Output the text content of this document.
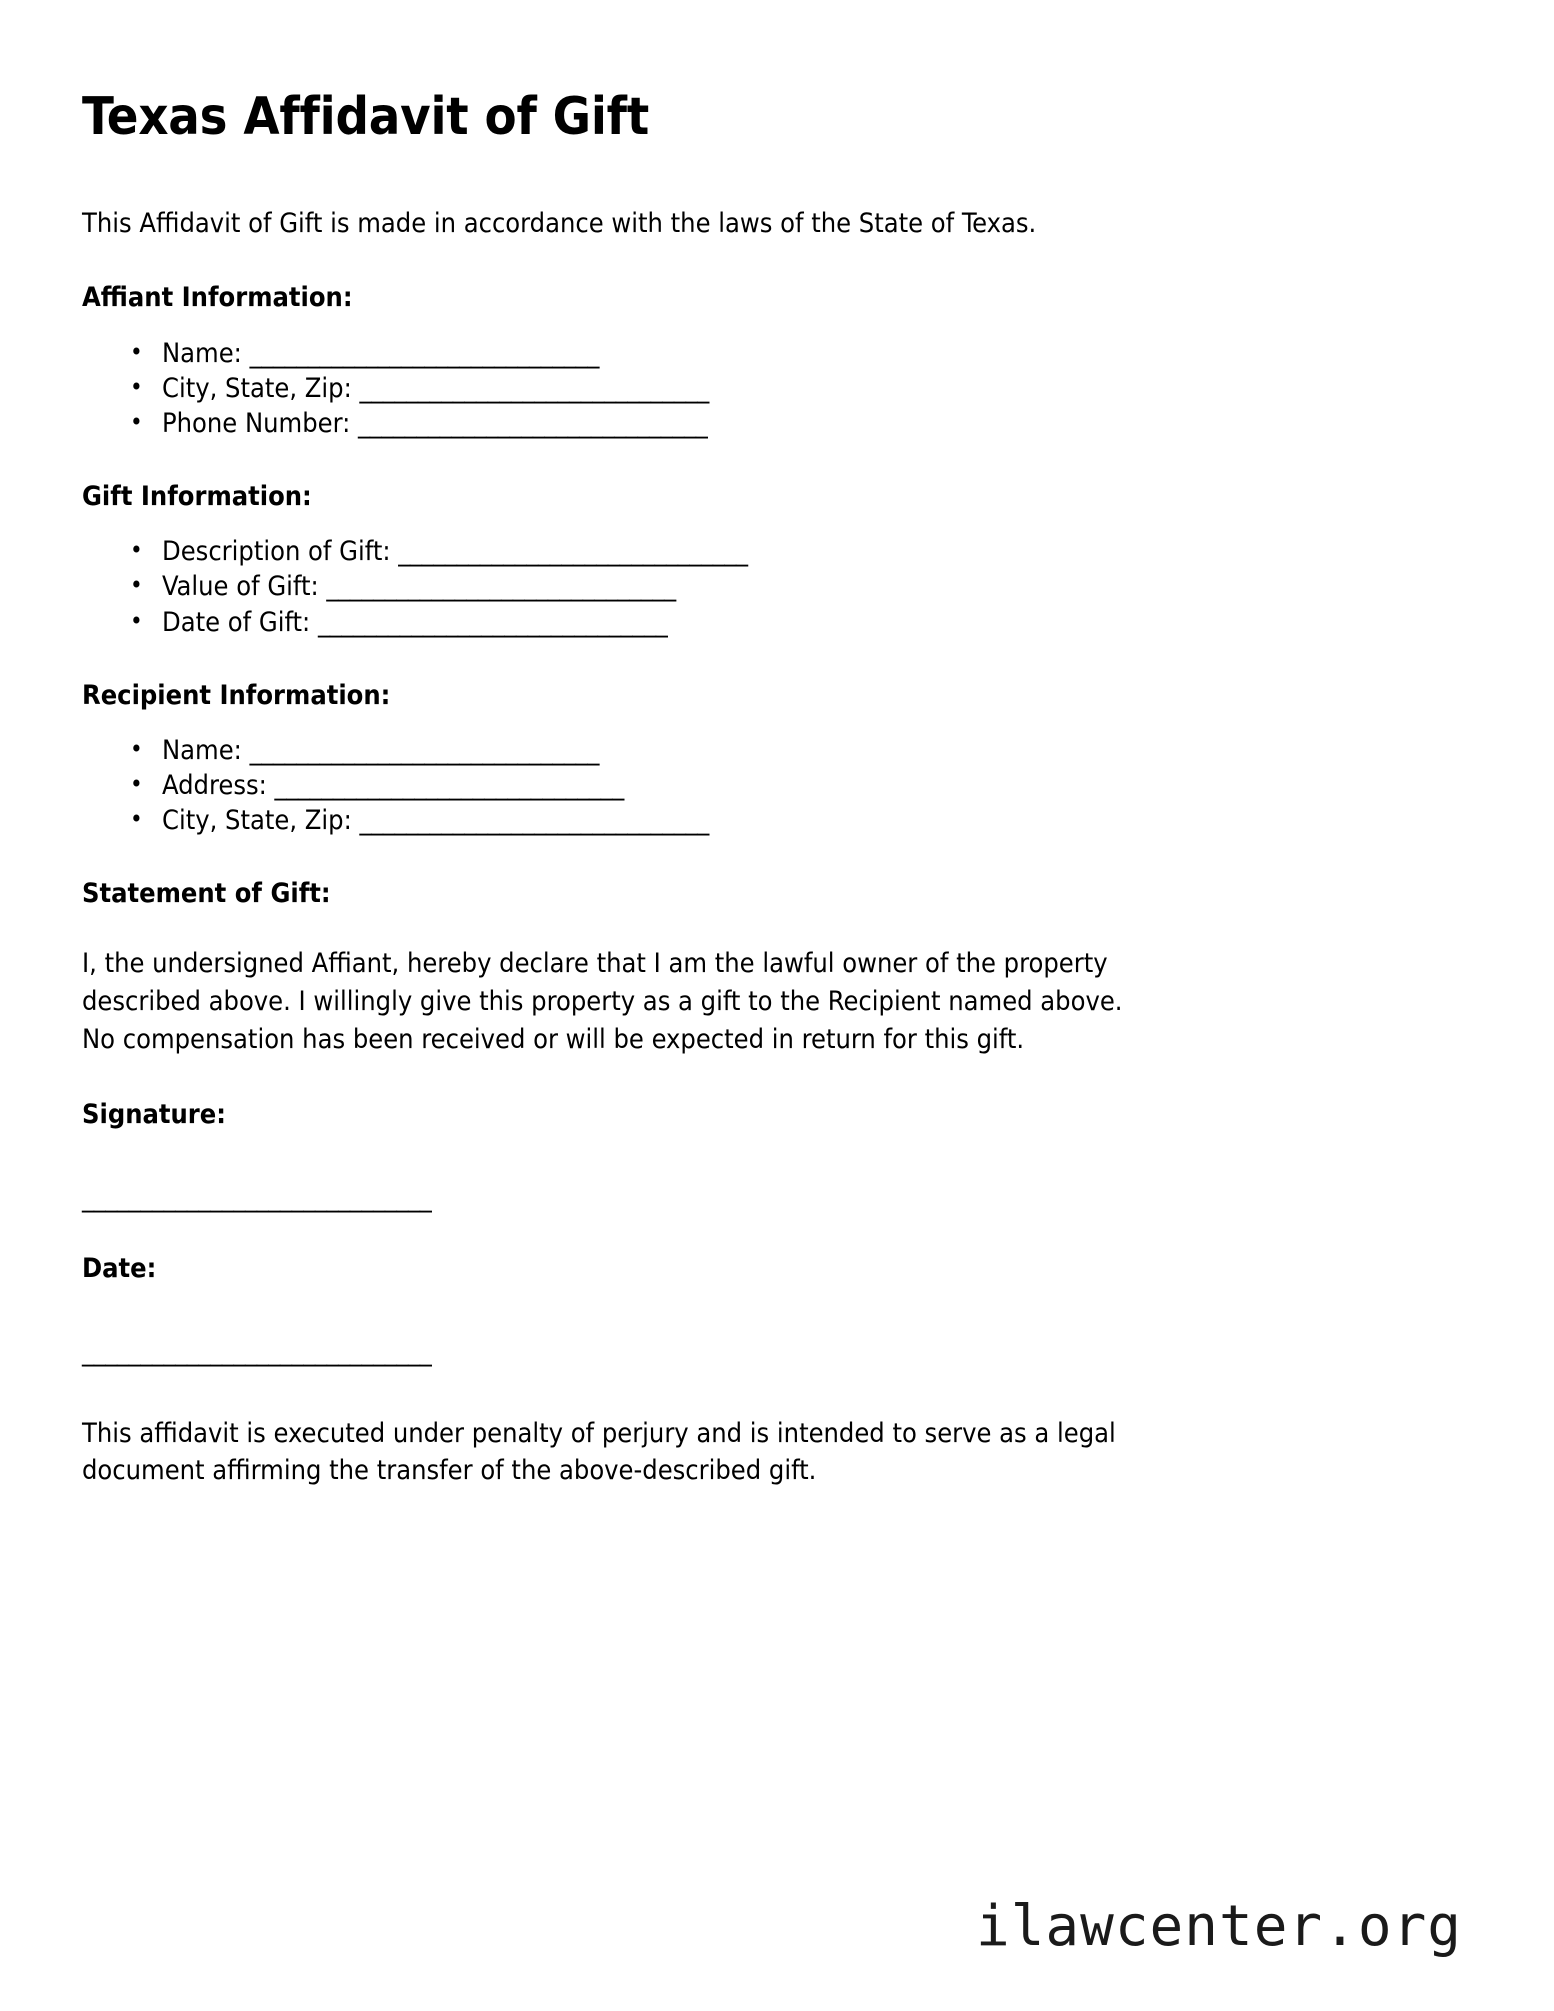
Texas Affidavit of Gift

This Affidavit of Gift is made in accordance with the laws of the State of Texas.

Affiant Information:
• Name: ______________________________
• City, State, Zip: ______________________________
• Phone Number: ______________________________
Gift Information:
• Description of Gift: ______________________________
• Value of Gift: ______________________________
• Date of Gift: ______________________________
Recipient Information:
• Name: ______________________________
• Address: ______________________________
• City, State, Zip: ______________________________
Statement of Gift:

I, the undersigned Affiant, hereby declare that I am the lawful owner of the property described above. I willingly give this property as a gift to the Recipient named above. No compensation has been received or will be expected in return for this gift.

Signature:
______________________________
Date:
______________________________

This affidavit is executed under penalty of perjury and is intended to serve as a legal document affirming the transfer of the above-described gift.

ilawcenter.org
